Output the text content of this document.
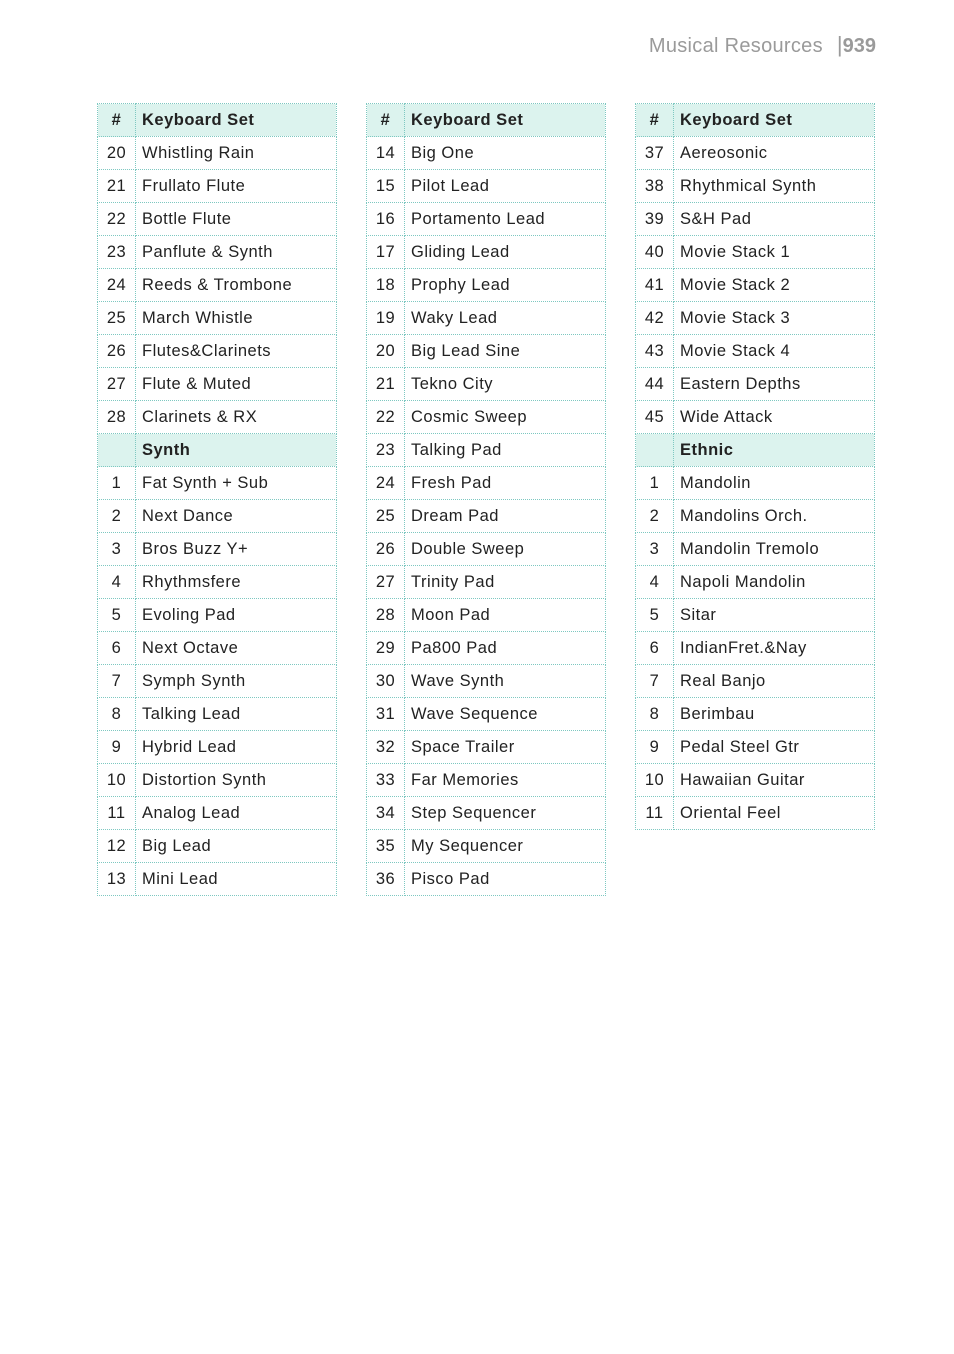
Musical Resources | 939
#	Keyboard Set
20	Whistling Rain
21	Frullato Flute
22	Bottle Flute
23	Panflute & Synth
24	Reeds & Trombone
25	March Whistle
26	Flutes&Clarinets
27	Flute & Muted
28	Clarinets & RX
	Synth
1	Fat Synth + Sub
2	Next Dance
3	Bros Buzz Y+
4	Rhythmsfere
5	Evoling Pad
6	Next Octave
7	Symph Synth
8	Talking Lead
9	Hybrid Lead
10	Distortion Synth
11	Analog Lead
12	Big Lead
13	Mini Lead
#	Keyboard Set
14	Big One
15	Pilot Lead
16	Portamento Lead
17	Gliding Lead
18	Prophy Lead
19	Waky Lead
20	Big Lead Sine
21	Tekno City
22	Cosmic Sweep
23	Talking Pad
24	Fresh Pad
25	Dream Pad
26	Double Sweep
27	Trinity Pad
28	Moon Pad
29	Pa800 Pad
30	Wave Synth
31	Wave Sequence
32	Space Trailer
33	Far Memories
34	Step Sequencer
35	My Sequencer
36	Pisco Pad
#	Keyboard Set
37	Aereosonic
38	Rhythmical Synth
39	S&H Pad
40	Movie Stack 1
41	Movie Stack 2
42	Movie Stack 3
43	Movie Stack 4
44	Eastern Depths
45	Wide Attack
	Ethnic
1	Mandolin
2	Mandolins Orch.
3	Mandolin Tremolo
4	Napoli Mandolin
5	Sitar
6	IndianFret.&Nay
7	Real Banjo
8	Berimbau
9	Pedal Steel Gtr
10	Hawaiian Guitar
11	Oriental Feel
